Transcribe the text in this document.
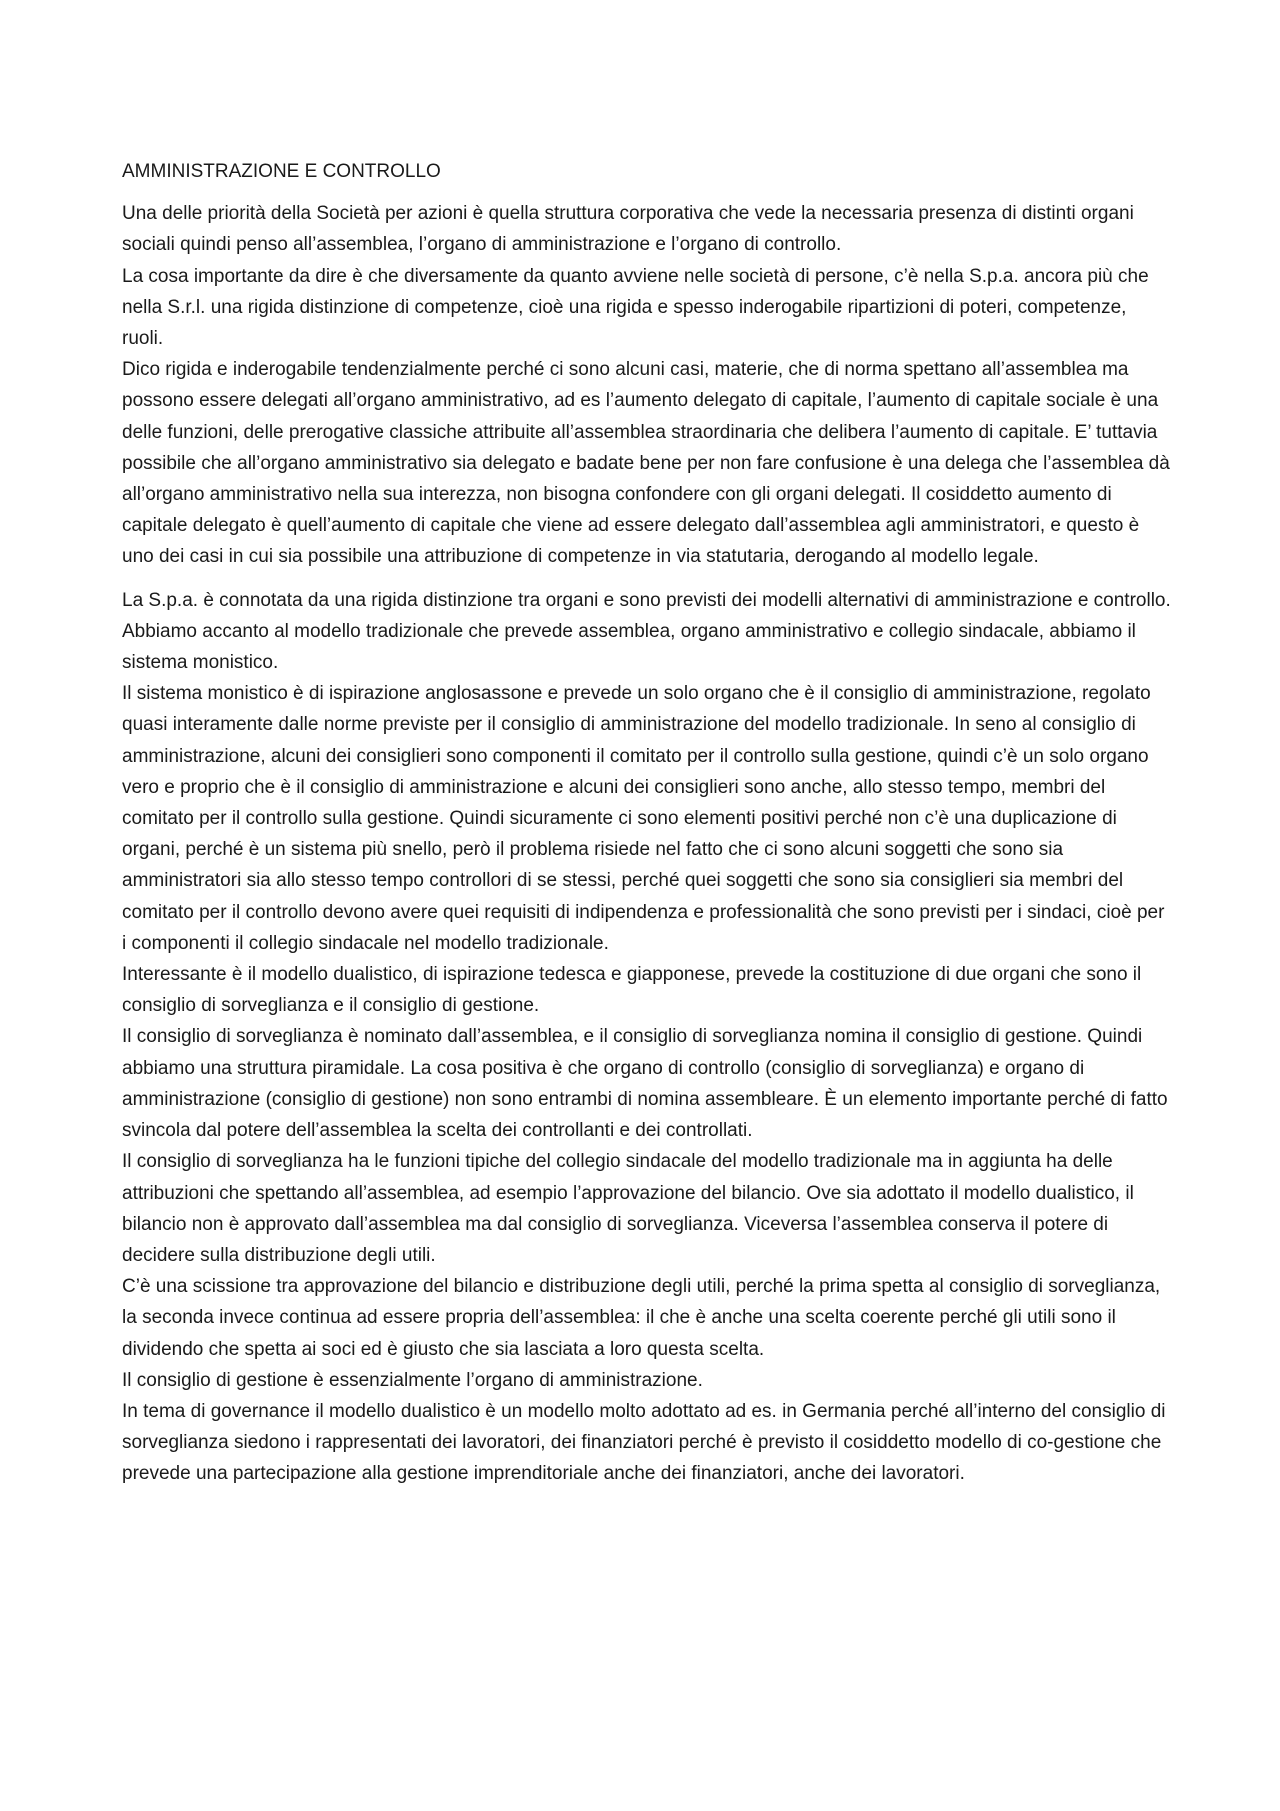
AMMINISTRAZIONE E CONTROLLO

Una delle priorità della Società per azioni è quella struttura corporativa che vede la necessaria presenza di distinti organi sociali quindi penso all’assemblea, l’organo di amministrazione e l’organo di controllo.

La cosa importante da dire è che diversamente da quanto avviene nelle società di persone, c’è nella S.p.a. ancora più che nella S.r.l. una rigida distinzione di competenze, cioè una rigida e spesso inderogabile ripartizioni di poteri, competenze, ruoli.

Dico rigida e inderogabile tendenzialmente perché ci sono alcuni casi, materie, che di norma spettano all’assemblea ma possono essere delegati all’organo amministrativo, ad es l’aumento delegato di capitale, l’aumento di capitale sociale è una delle funzioni, delle prerogative classiche attribuite all’assemblea straordinaria che delibera l’aumento di capitale. E’ tuttavia possibile che all’organo amministrativo sia delegato e badate bene per non fare confusione è una delega che l’assemblea dà all’organo amministrativo nella sua interezza, non bisogna confondere con gli organi delegati. Il cosiddetto aumento di capitale delegato è quell’aumento di capitale che viene ad essere delegato dall’assemblea agli amministratori, e questo è uno dei casi in cui sia possibile una attribuzione di competenze in via statutaria, derogando al modello legale.

La S.p.a. è connotata da una rigida distinzione tra organi e sono previsti dei modelli alternativi di amministrazione e controllo.

Abbiamo accanto al modello tradizionale che prevede assemblea, organo amministrativo e collegio sindacale, abbiamo il sistema monistico.

Il sistema monistico è di ispirazione anglosassone e prevede un solo organo che è il consiglio di amministrazione, regolato quasi interamente dalle norme previste per il consiglio di amministrazione del modello tradizionale. In seno al consiglio di amministrazione, alcuni dei consiglieri sono componenti il comitato per il controllo sulla gestione, quindi c’è un solo organo vero e proprio che è il consiglio di amministrazione e alcuni dei consiglieri sono anche, allo stesso tempo, membri del comitato per il controllo sulla gestione. Quindi sicuramente ci sono elementi positivi perché non c’è una duplicazione di organi, perché è un sistema più snello, però il problema risiede nel fatto che ci sono alcuni soggetti che sono sia amministratori sia allo stesso tempo controllori di se stessi, perché quei soggetti che sono sia consiglieri sia membri del comitato per il controllo devono avere quei requisiti di indipendenza e professionalità che sono previsti per i sindaci, cioè per i componenti il collegio sindacale nel modello tradizionale.

Interessante è il modello dualistico, di ispirazione tedesca e giapponese, prevede la costituzione di due organi che sono il consiglio di sorveglianza e il consiglio di gestione.

Il consiglio di sorveglianza è nominato dall’assemblea, e il consiglio di sorveglianza nomina il consiglio di gestione. Quindi abbiamo una struttura piramidale. La cosa positiva è che organo di controllo (consiglio di sorveglianza) e organo di amministrazione (consiglio di gestione) non sono entrambi di nomina assembleare. È un elemento importante perché di fatto svincola dal potere dell’assemblea la scelta dei controllanti e dei controllati.

Il consiglio di sorveglianza ha le funzioni tipiche del collegio sindacale del modello tradizionale ma in aggiunta ha delle attribuzioni che spettando all’assemblea, ad esempio l’approvazione del bilancio. Ove sia adottato il modello dualistico, il bilancio non è approvato dall’assemblea ma dal consiglio di sorveglianza. Viceversa l’assemblea conserva il potere di decidere sulla distribuzione degli utili.

C’è una scissione tra approvazione del bilancio e distribuzione degli utili, perché la prima spetta al consiglio di sorveglianza, la seconda invece continua ad essere propria dell’assemblea: il che è anche una scelta coerente perché gli utili sono il dividendo che spetta ai soci ed è giusto che sia lasciata a loro questa scelta.

Il consiglio di gestione è essenzialmente l’organo di amministrazione.

In tema di governance il modello dualistico è un modello molto adottato ad es. in Germania perché all’interno del consiglio di sorveglianza siedono i rappresentati dei lavoratori, dei finanziatori perché è previsto il cosiddetto modello di co-gestione che prevede una partecipazione alla gestione imprenditoriale anche dei finanziatori, anche dei lavoratori.
